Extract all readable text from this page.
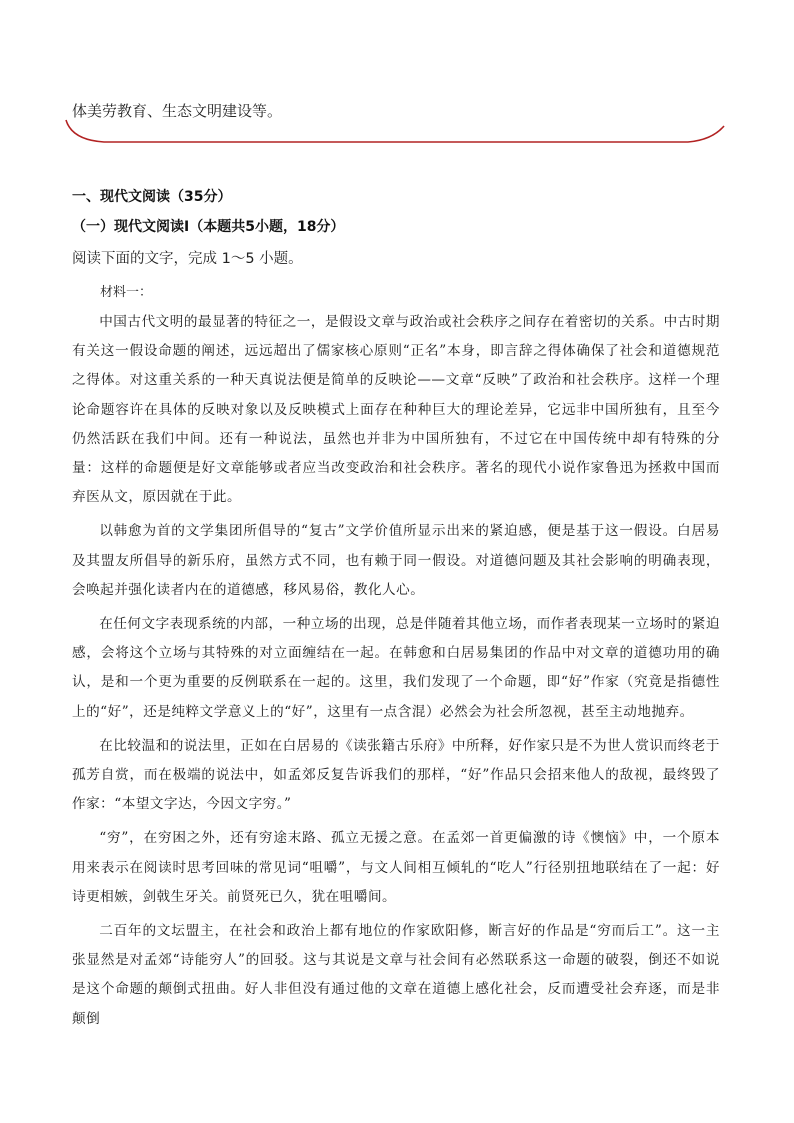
体美劳教育、生态文明建设等。
一、现代文阅读（35分）
（一）现代文阅读Ⅰ（本题共5小题，18分）
阅读下面的文字，完成 1～5 小题。
材料一：

中国古代文明的最显著的特征之一，是假设文章与政治或社会秩序之间存在着密切的关系。中古时期有关这一假设命题的阐述，远远超出了儒家核心原则“正名”本身，即言辞之得体确保了社会和道德规范之得体。对这重关系的一种天真说法便是简单的反映论——文章“反映”了政治和社会秩序。这样一个理论命题容许在具体的反映对象以及反映模式上面存在种种巨大的理论差异，它远非中国所独有，且至今仍然活跃在我们中间。还有一种说法，虽然也并非为中国所独有，不过它在中国传统中却有特殊的分量：这样的命题便是好文章能够或者应当改变政治和社会秩序。著名的现代小说作家鲁迅为拯救中国而弃医从文，原因就在于此。

以韩愈为首的文学集团所倡导的“复古”文学价值所显示出来的紧迫感，便是基于这一假设。白居易及其盟友所倡导的新乐府，虽然方式不同，也有赖于同一假设。对道德问题及其社会影响的明确表现，会唤起并强化读者内在的道德感，移风易俗，教化人心。

在任何文字表现系统的内部，一种立场的出现，总是伴随着其他立场，而作者表现某一立场时的紧迫感，会将这个立场与其特殊的对立面缠结在一起。在韩愈和白居易集团的作品中对文章的道德功用的确认，是和一个更为重要的反例联系在一起的。这里，我们发现了一个命题，即“好”作家（究竟是指德性上的“好”，还是纯粹文学意义上的“好”，这里有一点含混）必然会为社会所忽视，甚至主动地抛弃。

在比较温和的说法里，正如在白居易的《读张籍古乐府》中所释，好作家只是不为世人赏识而终老于孤芳自赏，而在极端的说法中，如孟郊反复告诉我们的那样，“好”作品只会招来他人的敌视，最终毁了作家：“本望文字达，今因文字穷。”

“穷”，在穷困之外，还有穷途末路、孤立无援之意。在孟郊一首更偏激的诗《懊恼》中，一个原本用来表示在阅读时思考回味的常见词“咀嚼”，与文人间相互倾轧的“吃人”行径别扭地联结在了一起：好诗更相嫉，剑戟生牙关。前贤死已久，犹在咀嚼间。

二百年的文坛盟主，在社会和政治上都有地位的作家欧阳修，断言好的作品是“穷而后工”。这一主张显然是对孟郊“诗能穷人”的回驳。这与其说是文章与社会间有必然联系这一命题的破裂，倒还不如说是这个命题的颠倒式扭曲。好人非但没有通过他的文章在道德上感化社会，反而遭受社会弃逐，而是非颠倒
